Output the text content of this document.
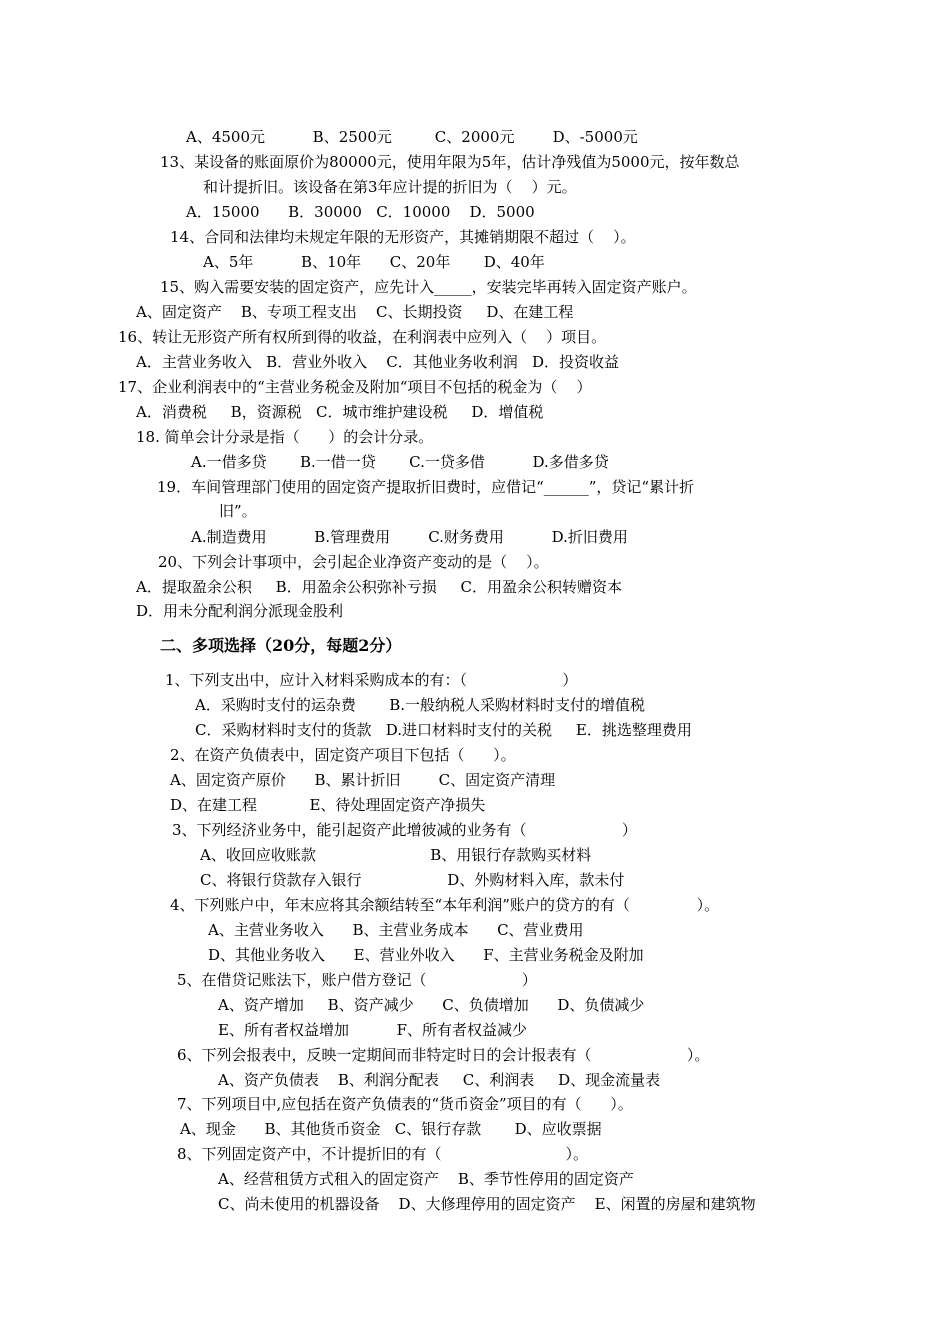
A、4500元          B、2500元         C、2000元        D、-5000元
13、某设备的账面原价为80000元，使用年限为5年，估计净残值为5000元，按年数总
和计提折旧。该设备在第3年应计提的折旧为（    ）元。
A．15000      B．30000   C．10000    D．5000
14、合同和法律均未规定年限的无形资产，其摊销期限不超过（    ）。
A、5年          B、10年      C、20年       D、40年
15、购入需要安装的固定资产，应先计入_____，安装完毕再转入固定资产账户。
A、固定资产    B、专项工程支出    C、长期投资     D、在建工程
16、转让无形资产所有权所到得的收益，在利润表中应列入（    ）项目。
A．主营业务收入   B．营业外收入    C．其他业务收利润   D．投资收益
17、企业利润表中的“主营业务税金及附加“项目不包括的税金为（    ）
A．消费税     B，资源税   C．城市维护建设税     D．增值税
18. 简单会计分录是指（      ）的会计分录。
A.一借多贷       B.一借一贷       C.一贷多借          D.多借多贷
19．车间管理部门使用的固定资产提取折旧费时，应借记“______”，贷记“累计折
旧”。
A.制造费用          B.管理费用        C.财务费用          D.折旧费用
20、下列会计事项中，会引起企业净资产变动的是（    ）。
A．提取盈余公积     B．用盈余公积弥补亏损     C．用盈余公积转赠资本
D．用未分配利润分派现金股利
二、多项选择（20分，每题2分）
1、下列支出中，应计入材料采购成本的有：（                    ）
A．采购时支付的运杂费       B.一般纳税人采购材料时支付的增值税
C．采购材料时支付的货款   D.进口材料时支付的关税     E．挑选整理费用
2、在资产负债表中，固定资产项目下包括（      ）。
A、固定资产原价      B、累计折旧        C、固定资产清理
D、在建工程           E、待处理固定资产净损失
3、下列经济业务中，能引起资产此增彼减的业务有（                    ）
A、收回应收账款                        B、用银行存款购买材料
C、将银行贷款存入银行                  D、外购材料入库，款未付
4、下列账户中，年末应将其余额结转至“本年利润”账户的贷方的有（              ）。
A、主营业务收入      B、主营业务成本      C、营业费用
D、其他业务收入      E、营业外收入      F、主营业务税金及附加
5、在借贷记账法下，账户借方登记（                    ）
A、资产增加     B、资产减少      C、负债增加      D、负债减少
E、所有者权益增加          F、所有者权益减少
6、下列会报表中，反映一定期间而非特定时日的会计报表有（                    ）。
A、资产负债表    B、利润分配表     C、利润表     D、现金流量表
7、下列项目中,应包括在资产负债表的“货币资金”项目的有（      ）。
A、现金      B、其他货币资金   C、银行存款       D、应收票据
8、下列固定资产中，不计提折旧的有（                          ）。
A、经营租赁方式租入的固定资产    B、季节性停用的固定资产
C、尚未使用的机器设备    D、大修理停用的固定资产    E、闲置的房屋和建筑物
